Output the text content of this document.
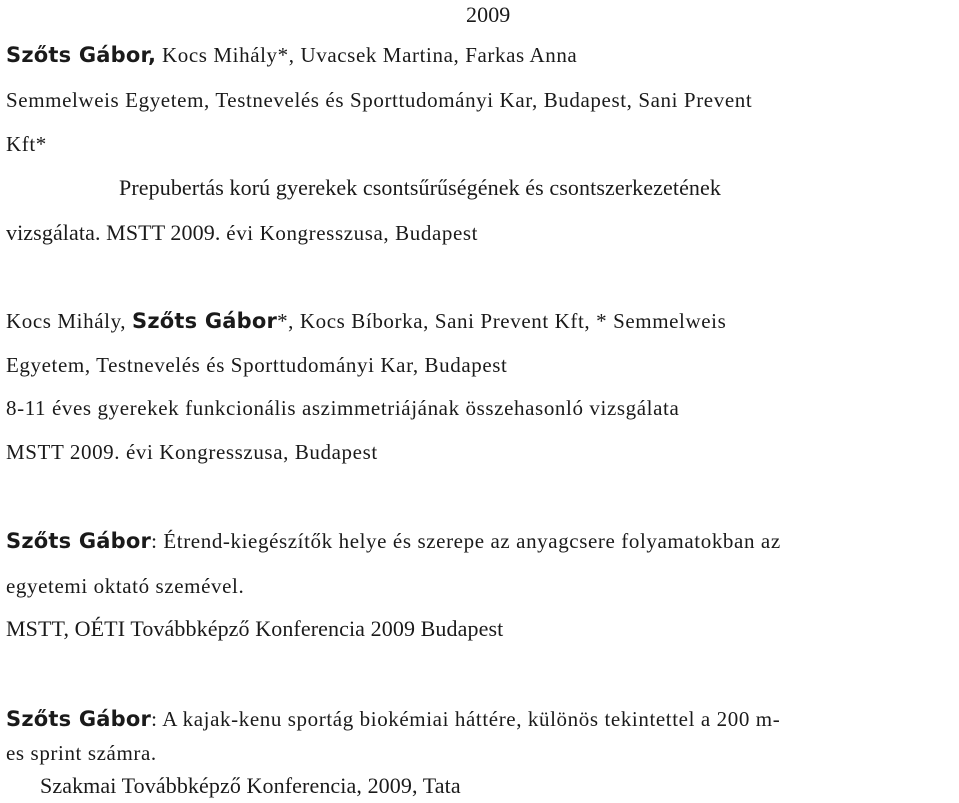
2009
Szőts Gábor, Kocs Mihály*, Uvacsek Martina, Farkas Anna
Semmelweis Egyetem, Testnevelés és Sporttudományi Kar, Budapest, Sani Prevent
Kft*
Prepubertás korú gyerekek csontsűrűségének és csontszerkezetének
vizsgálata. MSTT 2009. évi Kongresszusa, Budapest
Kocs Mihály, Szőts Gábor*, Kocs Bíborka, Sani Prevent Kft, * Semmelweis
Egyetem, Testnevelés és Sporttudományi Kar, Budapest
8-11 éves gyerekek funkcionális aszimmetriájának összehasonló vizsgálata
MSTT 2009. évi Kongresszusa, Budapest
Szőts Gábor: Étrend-kiegészítők helye és szerepe az anyagcsere folyamatokban az
egyetemi oktató szemével.
MSTT, OÉTI Továbbképző Konferencia 2009 Budapest
Szőts Gábor: A kajak-kenu sportág biokémiai háttére, különös tekintettel a 200 m-
es sprint számra.
Szakmai Továbbképző Konferencia, 2009, Tata
